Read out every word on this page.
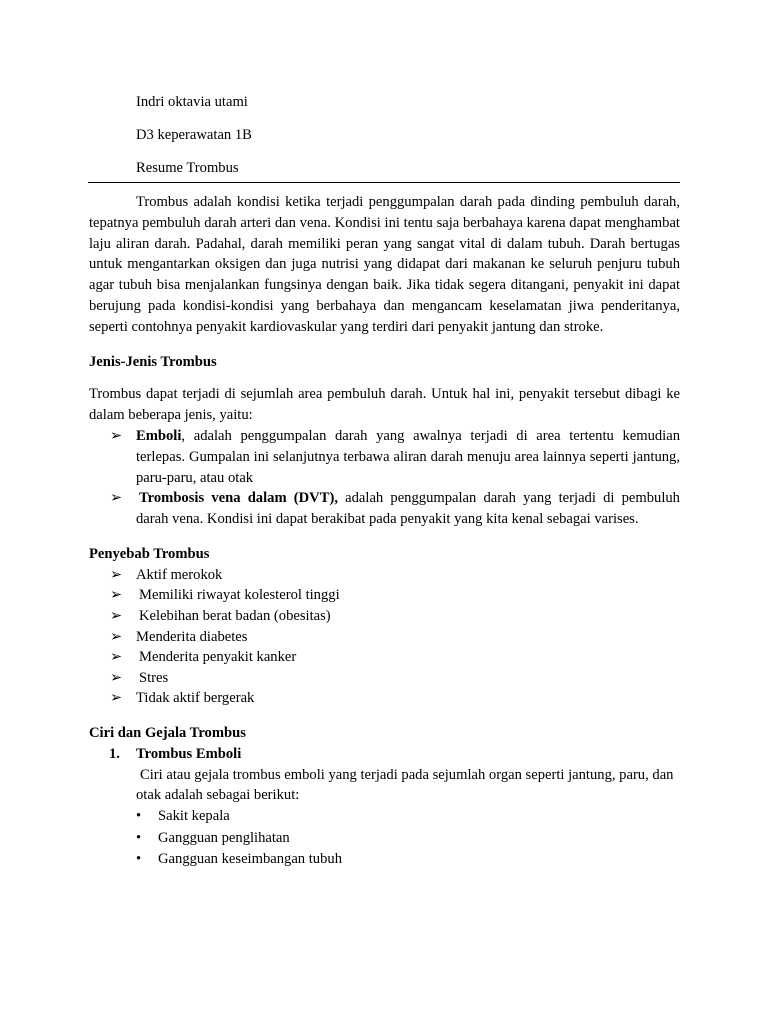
Indri oktavia utami

D3 keperawatan 1B

Resume Trombus

Trombus adalah kondisi ketika terjadi penggumpalan darah pada dinding pembuluh darah, tepatnya pembuluh darah arteri dan vena. Kondisi ini tentu saja berbahaya karena dapat menghambat laju aliran darah. Padahal, darah memiliki peran yang sangat vital di dalam tubuh. Darah bertugas untuk mengantarkan oksigen dan juga nutrisi yang didapat dari makanan ke seluruh penjuru tubuh agar tubuh bisa menjalankan fungsinya dengan baik. Jika tidak segera ditangani, penyakit ini dapat berujung pada kondisi-kondisi yang berbahaya dan mengancam keselamatan jiwa penderitanya, seperti contohnya penyakit kardiovaskular yang terdiri dari penyakit jantung dan stroke.

Jenis-Jenis Trombus

Trombus dapat terjadi di sejumlah area pembuluh darah. Untuk hal ini, penyakit tersebut dibagi ke dalam beberapa jenis, yaitu:

➢ Emboli, adalah penggumpalan darah yang awalnya terjadi di area tertentu kemudian terlepas. Gumpalan ini selanjutnya terbawa aliran darah menuju area lainnya seperti jantung, paru-paru, atau otak
➢ Trombosis vena dalam (DVT), adalah penggumpalan darah yang terjadi di pembuluh darah vena. Kondisi ini dapat berakibat pada penyakit yang kita kenal sebagai varises.

Penyebab Trombus

➢ Aktif merokok
➢ Memiliki riwayat kolesterol tinggi
➢ Kelebihan berat badan (obesitas)
➢ Menderita diabetes
➢ Menderita penyakit kanker
➢ Stres
➢ Tidak aktif bergerak

Ciri dan Gejala Trombus

1. Trombus Emboli

Ciri atau gejala trombus emboli yang terjadi pada sejumlah organ seperti jantung, paru, dan otak adalah sebagai berikut:

• Sakit kepala
• Gangguan penglihatan
• Gangguan keseimbangan tubuh
